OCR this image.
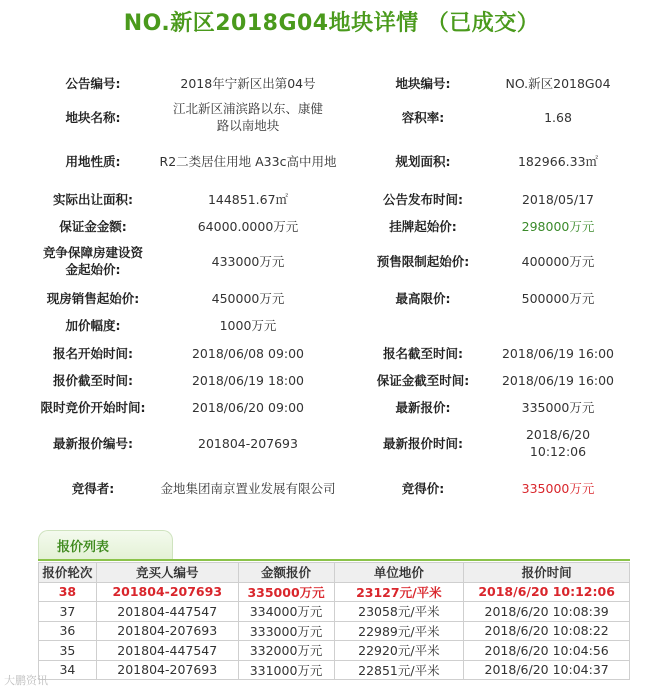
NO.新区2018G04地块详情 （已成交）
公告编号:	2018年宁新区出第04号	地块编号:	NO.新区2018G04
地块名称:
江北新区浦滨路以东、康健路以南地块
容积率:	1.68
用地性质:	R2二类居住用地 A33c高中用地	规划面积:	182966.33㎡
实际出让面积:	144851.67㎡	公告发布时间:	2018/05/17
保证金金额:	64000.0000万元	挂牌起始价:	298000万元
竞争保障房建设资金起始价:
433000万元	预售限制起始价:	400000万元
现房销售起始价:	450000万元	最高限价:	500000万元
加价幅度:	1000万元
报名开始时间:	2018/06/08 09:00	报名截至时间:	2018/06/19 16:00
报价截至时间:	2018/06/19 18:00	保证金截至时间:	2018/06/19 16:00
限时竞价开始时间:	2018/06/20 09:00	最新报价:	335000万元
最新报价编号:	201804-207693	最新报价时间:
2018/6/20 10:12:06
竞得者:	金地集团南京置业发展有限公司	竞得价:	335000万元
报价列表
报价轮次	竞买人编号	金额报价	单位地价	报价时间
38	201804-207693	335000万元	23127元/平米	2018/6/20 10:12:06
37	201804-447547	334000万元	23058元/平米	2018/6/20 10:08:39
36	201804-207693	333000万元	22989元/平米	2018/6/20 10:08:22
35	201804-447547	332000万元	22920元/平米	2018/6/20 10:04:56
34	201804-207693	331000万元	22851元/平米	2018/6/20 10:04:37
大鹏资讯
